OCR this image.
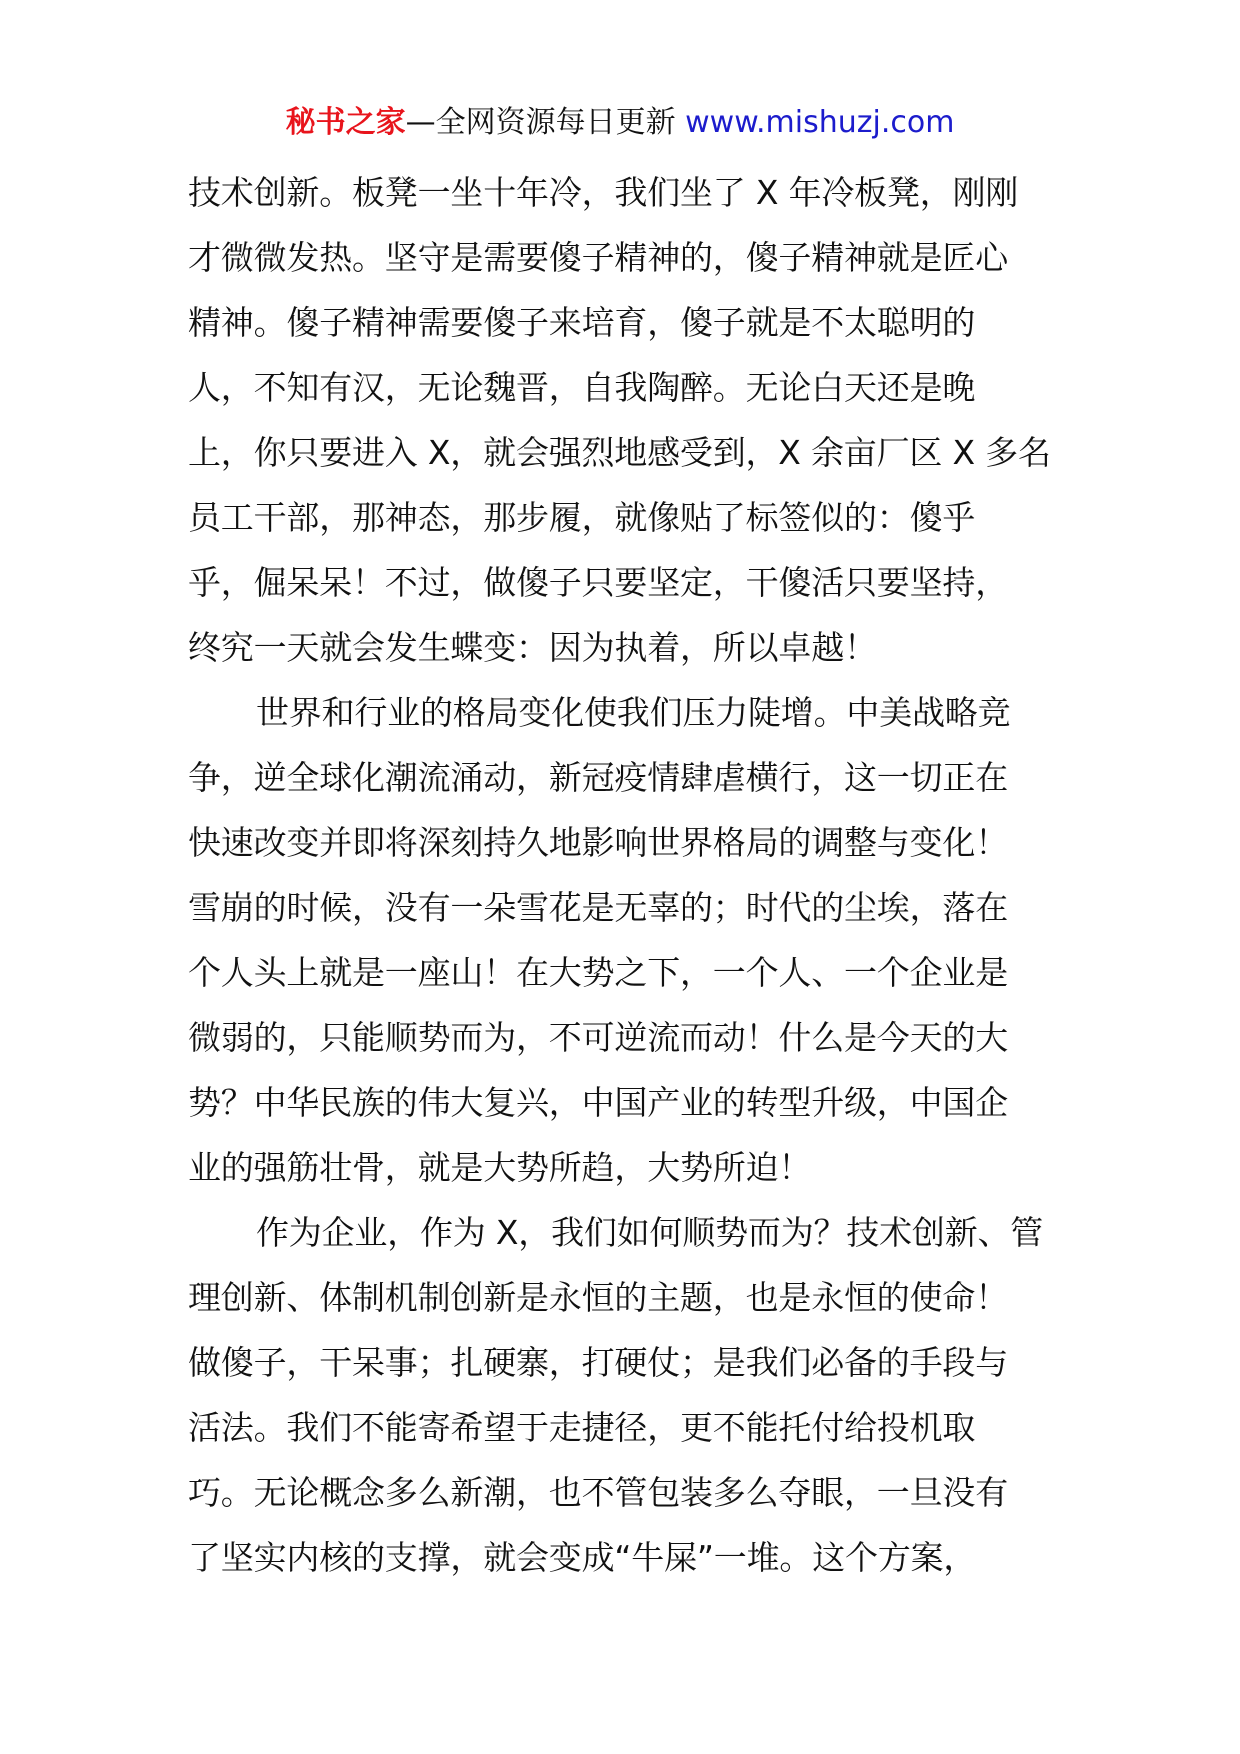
秘书之家—全网资源每日更新 www.mishuzj.com
技术创新。板凳一坐十年冷，我们坐了 X 年冷板凳，刚刚
才微微发热。坚守是需要傻子精神的，傻子精神就是匠心
精神。傻子精神需要傻子来培育，傻子就是不太聪明的
人，不知有汉，无论魏晋，自我陶醉。无论白天还是晚
上，你只要进入 X，就会强烈地感受到，X 余亩厂区 X 多名
员工干部，那神态，那步履，就像贴了标签似的：傻乎
乎，倔呆呆！不过，做傻子只要坚定，干傻活只要坚持，
终究一天就会发生蝶变：因为执着，所以卓越！
世界和行业的格局变化使我们压力陡增。中美战略竞
争，逆全球化潮流涌动，新冠疫情肆虐横行，这一切正在
快速改变并即将深刻持久地影响世界格局的调整与变化！
雪崩的时候，没有一朵雪花是无辜的；时代的尘埃，落在
个人头上就是一座山！在大势之下，一个人、一个企业是
微弱的，只能顺势而为，不可逆流而动！什么是今天的大
势？中华民族的伟大复兴，中国产业的转型升级，中国企
业的强筋壮骨，就是大势所趋，大势所迫！
作为企业，作为 X，我们如何顺势而为？技术创新、管
理创新、体制机制创新是永恒的主题，也是永恒的使命！
做傻子，干呆事；扎硬寨，打硬仗；是我们必备的手段与
活法。我们不能寄希望于走捷径，更不能托付给投机取
巧。无论概念多么新潮，也不管包装多么夺眼，一旦没有
了坚实内核的支撑，就会变成“牛屎”一堆。这个方案，
